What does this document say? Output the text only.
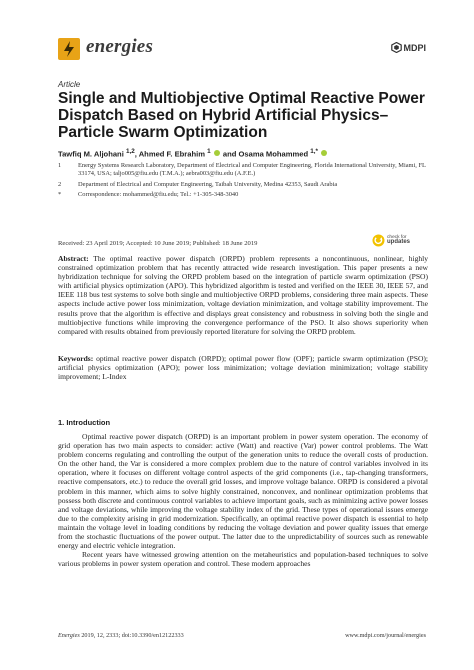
energies	MDPI
Article
Single and Multiobjective Optimal Reactive Power Dispatch Based on Hybrid Artificial Physics–Particle Swarm Optimization
Tawfiq M. Aljohani $^{1,2}$, Ahmed F. Ebrahim $^1$ and Osama Mohammed $^{1,*}$
1	Energy Systems Research Laboratory, Department of Electrical and Computer Engineering, Florida International University, Miami, FL 33174, USA; taljo005@fiu.edu (T.M.A.); aebra003@fiu.edu (A.F.E.)
2	Department of Electrical and Computer Engineering, Taibah University, Medina 42353, Saudi Arabia
*	Correspondence: mohammed@fiu.edu; Tel.: +1-305-348-3040
Received: 23 April 2019; Accepted: 10 June 2019; Published: 18 June 2019
check for
updates
Abstract: The optimal reactive power dispatch (ORPD) problem represents a noncontinuous, nonlinear, highly constrained optimization problem that has recently attracted wide research investigation. This paper presents a new hybridization technique for solving the ORPD problem based on the integration of particle swarm optimization (PSO) with artificial physics optimization (APO). This hybridized algorithm is tested and verified on the IEEE 30, IEEE 57, and IEEE 118 bus test systems to solve both single and multiobjective ORPD problems, considering three main aspects. These aspects include active power loss minimization, voltage deviation minimization, and voltage stability improvement. The results prove that the algorithm is effective and displays great consistency and robustness in solving both the single and multiobjective functions while improving the convergence performance of the PSO. It also shows superiority when compared with results obtained from previously reported literature for solving the ORPD problem.
Keywords: optimal reactive power dispatch (ORPD); optimal power flow (OPF); particle swarm optimization (PSO); artificial physics optimization (APO); power loss minimization; voltage deviation minimization; voltage stability improvement; L-Index
1. Introduction

Optimal reactive power dispatch (ORPD) is an important problem in power system operation. The economy of grid operation has two main aspects to consider: active (Watt) and reactive (Var) power control problems. The Watt problem concerns regulating and controlling the output of the generation units to reduce the overall costs of production. On the other hand, the Var is considered a more complex problem due to the nature of control variables involved in its operation, where it focuses on different voltage control aspects of the grid components (i.e., tap-changing transformers, reactive compensators, etc.) to reduce the overall grid losses, and improve voltage balance. ORPD is considered a pivotal problem in this manner, which aims to solve highly constrained, nonconvex, and nonlinear optimization problems that possess both discrete and continuous control variables to achieve important goals, such as minimizing active power losses and voltage deviations, while improving the voltage stability index of the grid. These types of operational issues emerge due to the complexity arising in grid modernization. Specifically, an optimal reactive power dispatch is essential to help maintain the voltage level in loading conditions by reducing the voltage deviation and power quality issues that emerge from the stochastic fluctuations of the power output. The latter due to the unpredictability of sources such as renewable energy and electric vehicle integration.

Recent years have witnessed growing attention on the metaheuristics and population-based techniques to solve various problems in power system operation and control. These modern approaches

Energies 2019, 12, 2333; doi:10.3390/en12122333	www.mdpi.com/journal/energies
